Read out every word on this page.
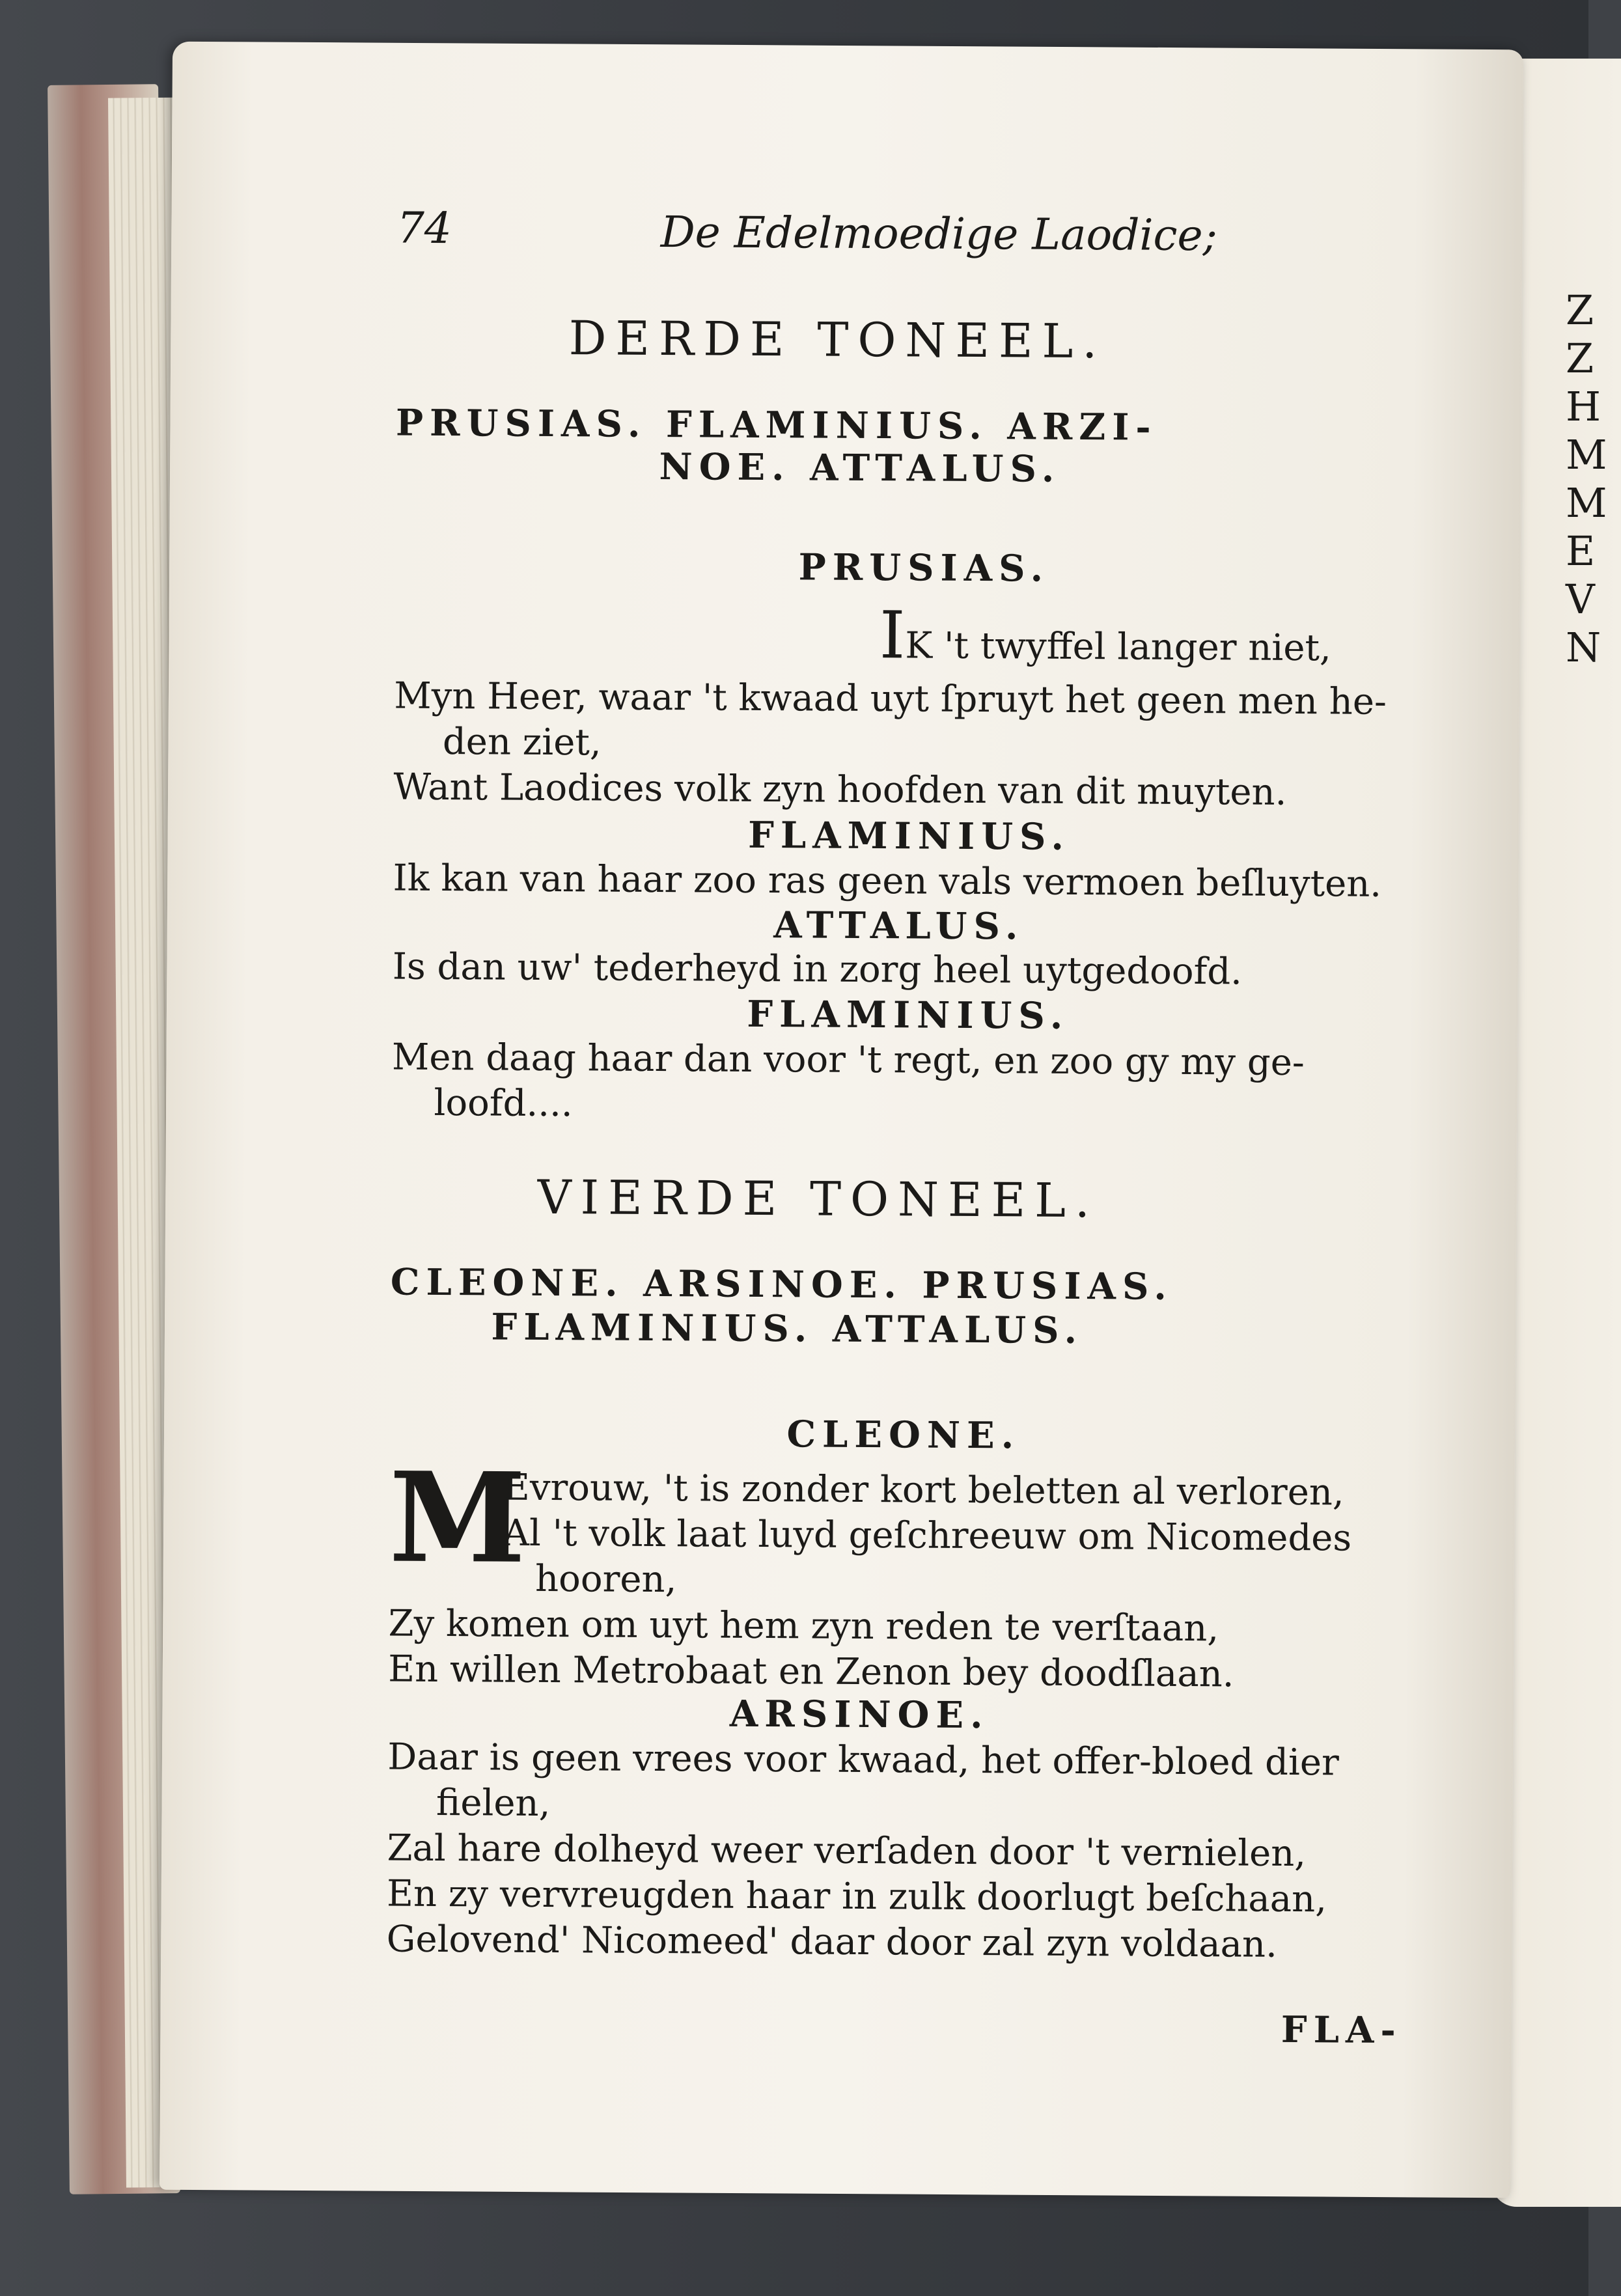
Z
Z
H
M
M
E
V
N
74	De Edelmoedige Laodice;
DERDE TONEEL.
PRUSIAS. FLAMINIUS. ARZI-
NOE. ATTALUS.
PRUSIAS.
IK 't twyffel langer niet,
Myn Heer, waar 't kwaad uyt ſpruyt het geen men he-
den ziet,
Want Laodices volk zyn hoofden van dit muyten.
FLAMINIUS.
Ik kan van haar zoo ras geen vals vermoen beſluyten.
ATTALUS.
Is dan uw' tederheyd in zorg heel uytgedoofd.
FLAMINIUS.
Men daag haar dan voor 't regt, en zoo gy my ge-
loofd....
VIERDE TONEEL.
CLEONE. ARSINOE. PRUSIAS.
FLAMINIUS. ATTALUS.
CLEONE.
M
Evrouw, 't is zonder kort beletten al verloren,
Al 't volk laat luyd geſchreeuw om Nicomedes
hooren,
Zy komen om uyt hem zyn reden te verſtaan,
En willen Metrobaat en Zenon bey doodſlaan.
ARSINOE.
Daar is geen vrees voor kwaad, het offer-bloed dier
fielen,
Zal hare dolheyd weer verſaden door 't vernielen,
En zy vervreugden haar in zulk doorlugt beſchaan,
Gelovend' Nicomeed' daar door zal zyn voldaan.
FLA-
